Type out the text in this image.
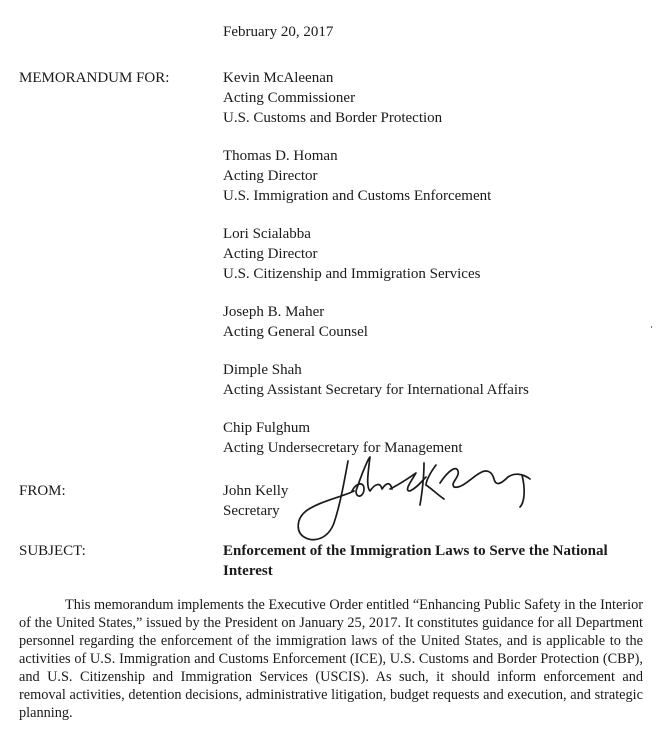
February 20, 2017
MEMORANDUM FOR:	Kevin McAleenan
Acting Commissioner
U.S. Customs and Border Protection
Thomas D. Homan
Acting Director
U.S. Immigration and Customs Enforcement
Lori Scialabba
Acting Director
U.S. Citizenship and Immigration Services
Joseph B. Maher
Acting General Counsel
Dimple Shah
Acting Assistant Secretary for International Affairs
Chip Fulghum
Acting Undersecretary for Management
FROM:	John Kelly
Secretary
SUBJECT:	Enforcement of the Immigration Laws to Serve the National Interest

This memorandum implements the Executive Order entitled “Enhancing Public Safety in the Interior of the United States,” issued by the President on January 25, 2017. It constitutes guidance for all Department personnel regarding the enforcement of the immigration laws of the United States, and is applicable to the activities of U.S. Immigration and Customs Enforcement (ICE), U.S. Customs and Border Protection (CBP), and U.S. Citizenship and Immigration Services (USCIS). As such, it should inform enforcement and removal activities, detention decisions, administrative litigation, budget requests and execution, and strategic planning.
